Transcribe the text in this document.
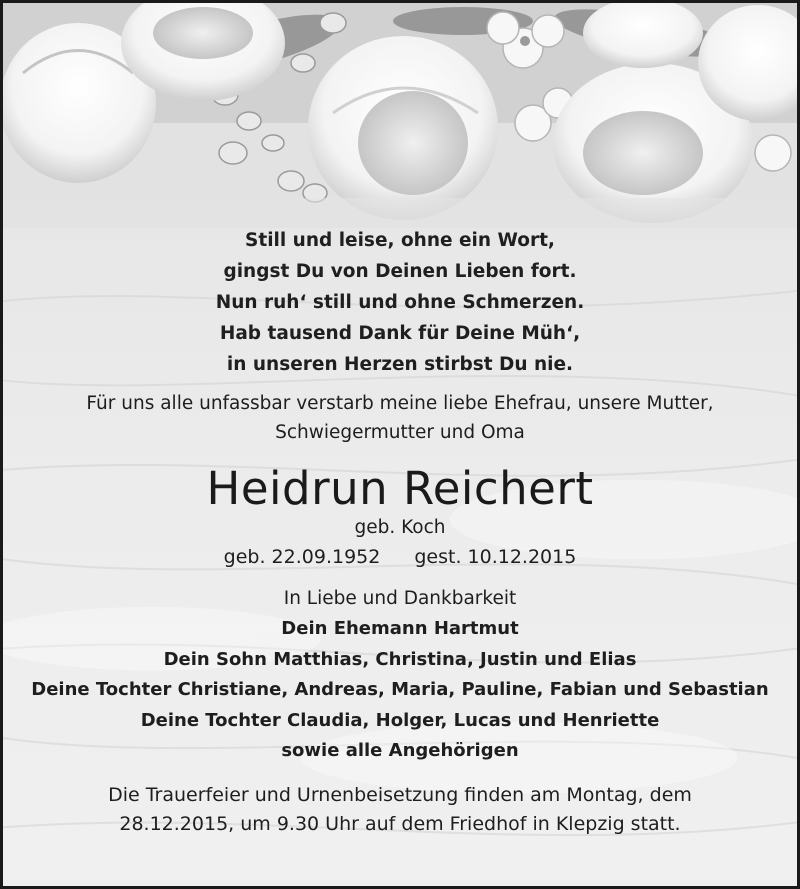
Still und leise, ohne ein Wort,
gingst Du von Deinen Lieben fort.
Nun ruh‘ still und ohne Schmerzen.
Hab tausend Dank für Deine Müh‘,
in unseren Herzen stirbst Du nie.
Für uns alle unfassbar verstarb meine liebe Ehefrau, unsere Mutter,
Schwiegermutter und Oma
Heidrun Reichert
geb. Koch
geb. 22.09.1952 gest. 10.12.2015
In Liebe und Dankbarkeit
Dein Ehemann Hartmut
Dein Sohn Matthias, Christina, Justin und Elias
Deine Tochter Christiane, Andreas, Maria, Pauline, Fabian und Sebastian
Deine Tochter Claudia, Holger, Lucas und Henriette
sowie alle Angehörigen
Die Trauerfeier und Urnenbeisetzung finden am Montag, dem
28.12.2015, um 9.30 Uhr auf dem Friedhof in Klepzig statt.
